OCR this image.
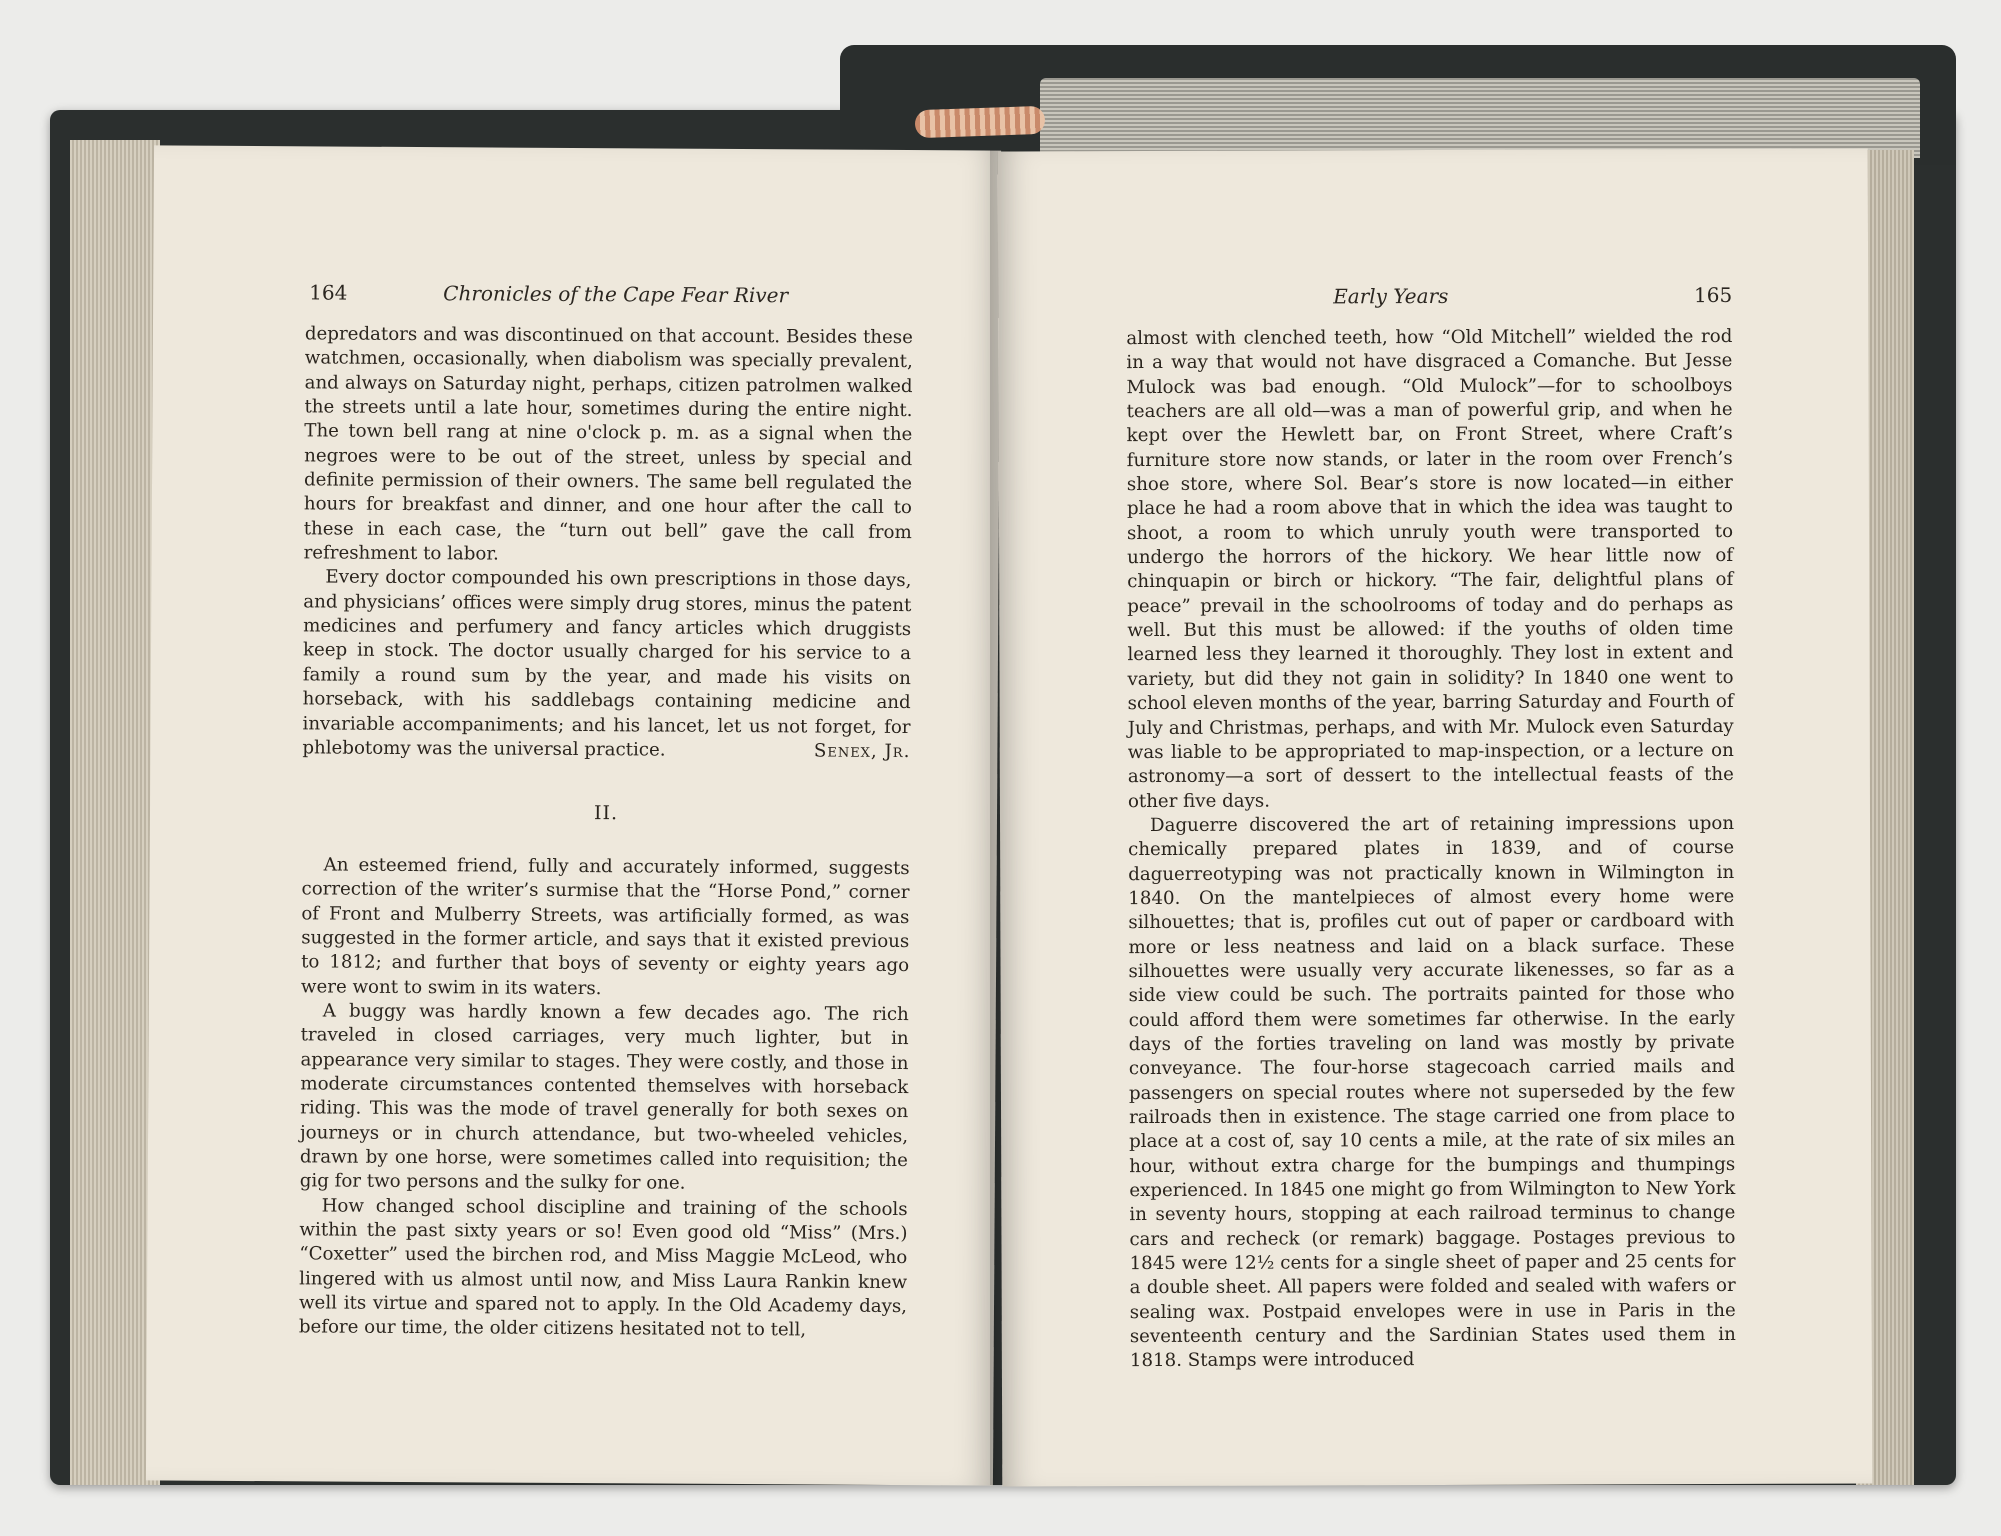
164	Chronicles of the Cape Fear River

depredators and was discontinued on that account. Besides these watchmen, occasionally, when diabolism was specially prevalent, and always on Saturday night, perhaps, citizen patrolmen walked the streets until a late hour, sometimes during the entire night. The town bell rang at nine o'clock p. m. as a signal when the negroes were to be out of the street, unless by special and definite permission of their owners. The same bell regulated the hours for breakfast and dinner, and one hour after the call to these in each case, the “turn out bell” gave the call from refreshment to labor.

Every doctor compounded his own prescriptions in those days, and physicians’ offices were simply drug stores, minus the patent medicines and perfumery and fancy articles which druggists keep in stock. The doctor usually charged for his service to a family a round sum by the year, and made his visits on horseback, with his saddlebags containing medicine and invariable accompaniments; and his lancet, let us not forget, for phlebotomy was the universal practice.	Senex, Jr.

II.

An esteemed friend, fully and accurately informed, suggests correction of the writer’s surmise that the “Horse Pond,” corner of Front and Mulberry Streets, was artificially formed, as was suggested in the former article, and says that it existed previous to 1812; and further that boys of seventy or eighty years ago were wont to swim in its waters.

A buggy was hardly known a few decades ago. The rich traveled in closed carriages, very much lighter, but in appearance very similar to stages. They were costly, and those in moderate circumstances contented themselves with horseback riding. This was the mode of travel generally for both sexes on journeys or in church attendance, but two-wheeled vehicles, drawn by one horse, were sometimes called into requisition; the gig for two persons and the sulky for one.

How changed school discipline and training of the schools within the past sixty years or so! Even good old “Miss” (Mrs.) “Coxetter” used the birchen rod, and Miss Maggie McLeod, who lingered with us almost until now, and Miss Laura Rankin knew well its virtue and spared not to apply. In the Old Academy days, before our time, the older citizens hesitated not to tell,

Early Years	165

almost with clenched teeth, how “Old Mitchell” wielded the rod in a way that would not have disgraced a Comanche. But Jesse Mulock was bad enough. “Old Mulock”—for to schoolboys teachers are all old—was a man of powerful grip, and when he kept over the Hewlett bar, on Front Street, where Craft’s furniture store now stands, or later in the room over French’s shoe store, where Sol. Bear’s store is now located—in either place he had a room above that in which the idea was taught to shoot, a room to which unruly youth were transported to undergo the horrors of the hickory. We hear little now of chinquapin or birch or hickory. “The fair, delightful plans of peace” prevail in the schoolrooms of today and do perhaps as well. But this must be allowed: if the youths of olden time learned less they learned it thoroughly. They lost in extent and variety, but did they not gain in solidity? In 1840 one went to school eleven months of the year, barring Saturday and Fourth of July and Christmas, perhaps, and with Mr. Mulock even Saturday was liable to be appropriated to map-inspection, or a lecture on astronomy—a sort of dessert to the intellectual feasts of the other five days.

Daguerre discovered the art of retaining impressions upon chemically prepared plates in 1839, and of course daguerreotyping was not practically known in Wilmington in 1840. On the mantelpieces of almost every home were silhouettes; that is, profiles cut out of paper or cardboard with more or less neatness and laid on a black surface. These silhouettes were usually very accurate likenesses, so far as a side view could be such. The portraits painted for those who could afford them were sometimes far otherwise. In the early days of the forties traveling on land was mostly by private conveyance. The four-horse stagecoach carried mails and passengers on special routes where not superseded by the few railroads then in existence. The stage carried one from place to place at a cost of, say 10 cents a mile, at the rate of six miles an hour, without extra charge for the bumpings and thumpings experienced. In 1845 one might go from Wilmington to New York in seventy hours, stopping at each railroad terminus to change cars and recheck (or remark) baggage. Postages previous to 1845 were 12½ cents for a single sheet of paper and 25 cents for a double sheet. All papers were folded and sealed with wafers or sealing wax. Postpaid envelopes were in use in Paris in the seventeenth century and the Sardinian States used them in 1818. Stamps were introduced
